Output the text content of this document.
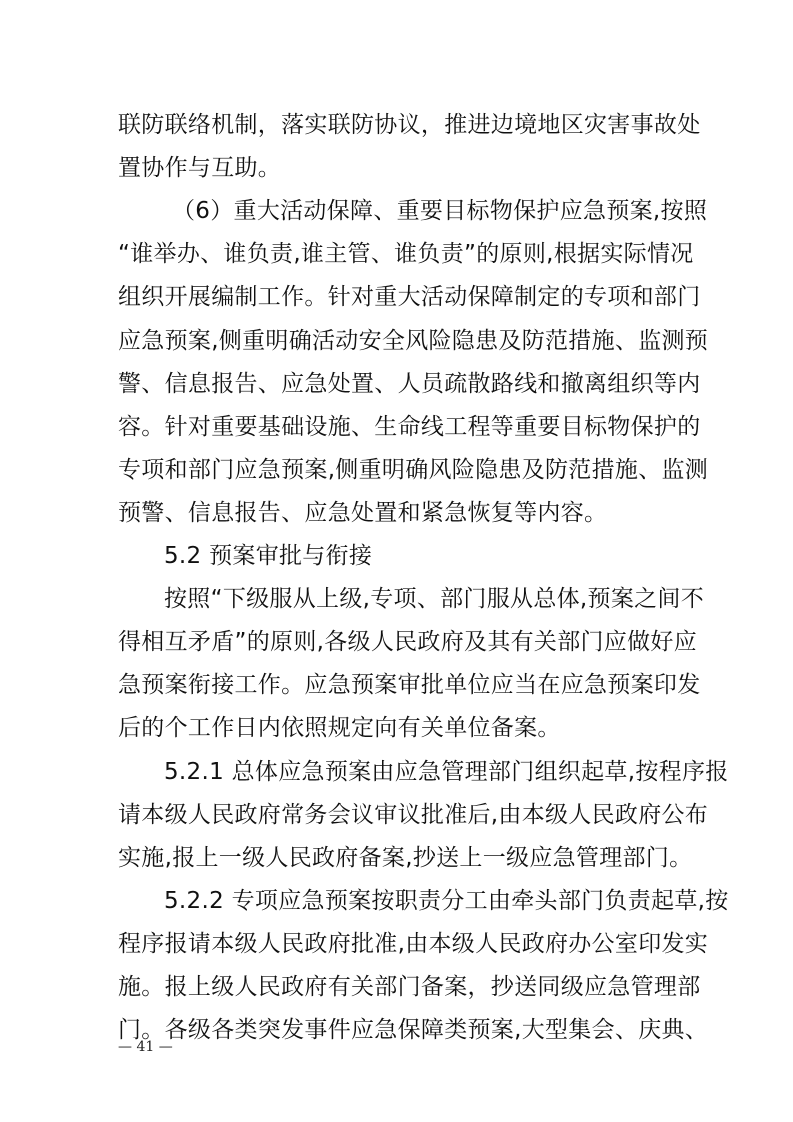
联防联络机制，落实联防协议，推进边境地区灾害事故处
置协作与互助。
（6）重大活动保障、重要目标物保护应急预案,按照
“谁举办、谁负责,谁主管、谁负责”的原则,根据实际情况
组织开展编制工作。针对重大活动保障制定的专项和部门
应急预案,侧重明确活动安全风险隐患及防范措施、监测预
警、信息报告、应急处置、人员疏散路线和撤离组织等内
容。针对重要基础设施、生命线工程等重要目标物保护的
专项和部门应急预案,侧重明确风险隐患及防范措施、监测
预警、信息报告、应急处置和紧急恢复等内容。
5.2 预案审批与衔接
按照“下级服从上级,专项、部门服从总体,预案之间不
得相互矛盾”的原则,各级人民政府及其有关部门应做好应
急预案衔接工作。应急预案审批单位应当在应急预案印发
后的个工作日内依照规定向有关单位备案。
5.2.1 总体应急预案由应急管理部门组织起草,按程序报
请本级人民政府常务会议审议批准后,由本级人民政府公布
实施,报上一级人民政府备案,抄送上一级应急管理部门。
5.2.2 专项应急预案按职责分工由牵头部门负责起草,按
程序报请本级人民政府批准,由本级人民政府办公室印发实
施。报上级人民政府有关部门备案，抄送同级应急管理部
门。各级各类突发事件应急保障类预案,大型集会、庆典、
— 41 —
